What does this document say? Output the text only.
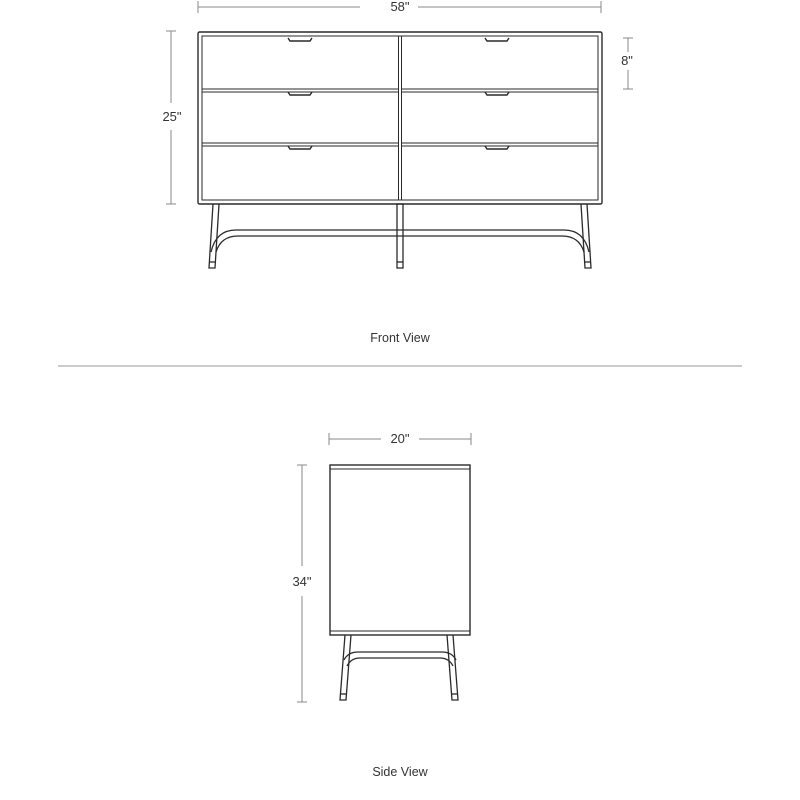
58"
25"
8"
Front View
20"
34"
Side View
